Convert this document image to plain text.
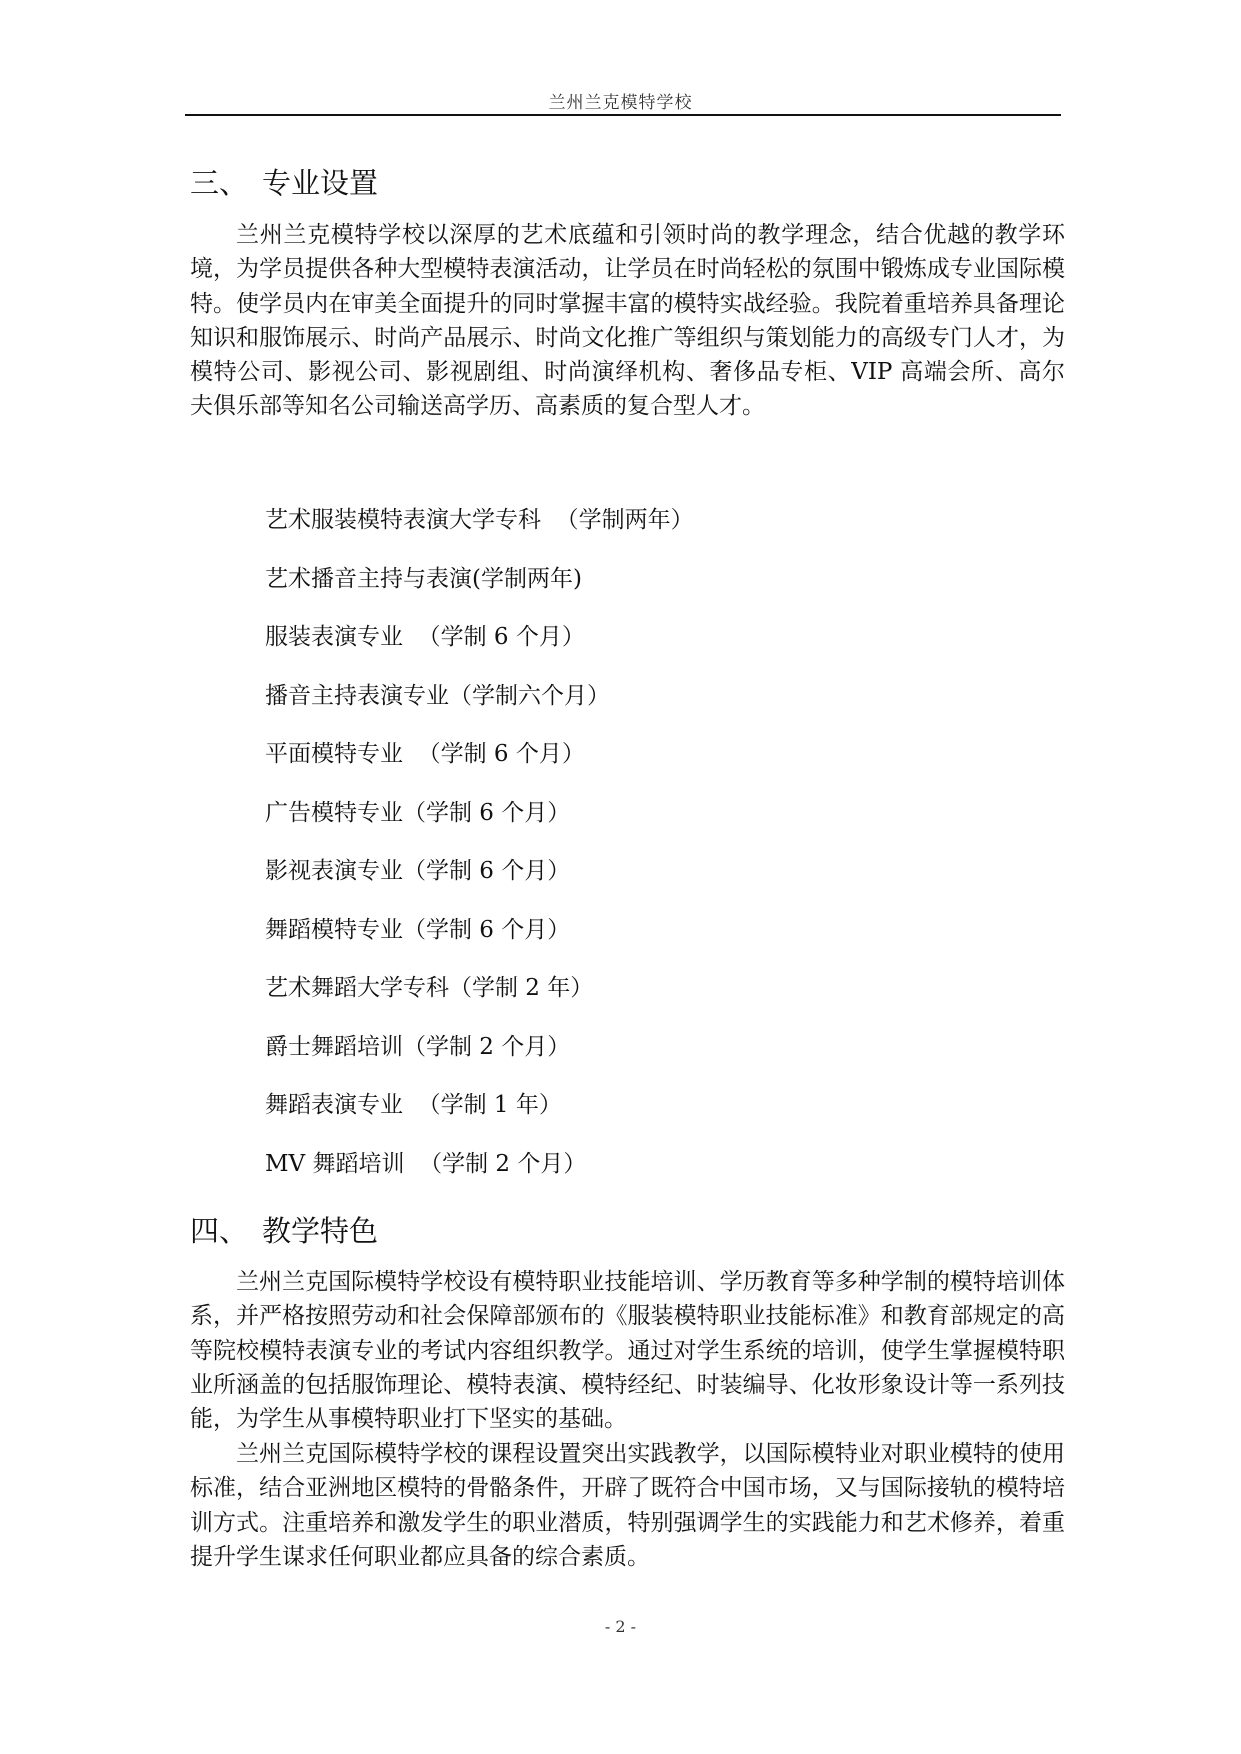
兰州兰克模特学校
三、 专业设置

兰州兰克模特学校以深厚的艺术底蕴和引领时尚的教学理念，结合优越的教学环境，为学员提供各种大型模特表演活动，让学员在时尚轻松的氛围中锻炼成专业国际模特。使学员内在审美全面提升的同时掌握丰富的模特实战经验。我院着重培养具备理论知识和服饰展示、时尚产品展示、时尚文化推广等组织与策划能力的高级专门人才，为模特公司、影视公司、影视剧组、时尚演绎机构、奢侈品专柜、VIP 高端会所、高尔夫俱乐部等知名公司输送高学历、高素质的复合型人才。

艺术服装模特表演大学专科  （学制两年）
艺术播音主持与表演(学制两年)
服装表演专业  （学制 6 个月）
播音主持表演专业（学制六个月）
平面模特专业  （学制 6 个月）
广告模特专业（学制 6 个月）
影视表演专业（学制 6 个月）
舞蹈模特专业（学制 6 个月）
艺术舞蹈大学专科（学制 2 年）
爵士舞蹈培训（学制 2 个月）
舞蹈表演专业  （学制 1 年）
MV 舞蹈培训  （学制 2 个月）
四、 教学特色

兰州兰克国际模特学校设有模特职业技能培训、学历教育等多种学制的模特培训体系，并严格按照劳动和社会保障部颁布的《服装模特职业技能标准》和教育部规定的高等院校模特表演专业的考试内容组织教学。通过对学生系统的培训，使学生掌握模特职业所涵盖的包括服饰理论、模特表演、模特经纪、时装编导、化妆形象设计等一系列技能，为学生从事模特职业打下坚实的基础。

兰州兰克国际模特学校的课程设置突出实践教学，以国际模特业对职业模特的使用标准，结合亚洲地区模特的骨骼条件，开辟了既符合中国市场，又与国际接轨的模特培训方式。注重培养和激发学生的职业潜质，特别强调学生的实践能力和艺术修养，着重提升学生谋求任何职业都应具备的综合素质。

- 2 -
